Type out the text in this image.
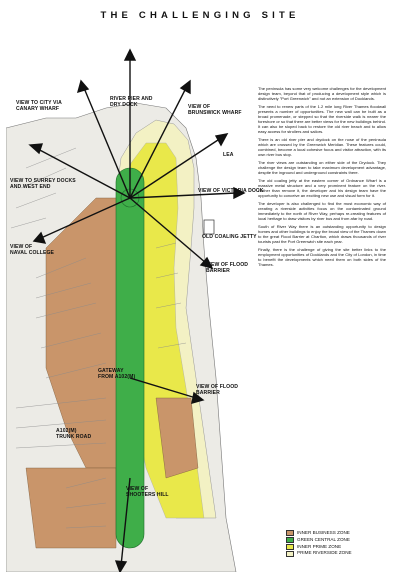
THE CHALLENGING SITE
RIVER PIER AND
DRY DOCK
VIEW TO CITY VIA
CANARY WHARF	VIEW OF
BRUNSWICK WHARF
LEA
VIEW TO SURREY DOCKS
AND WEST END
VIEW OF VICTORIA DOCK
OLD COALING JETTY
VIEW OF
NAVAL COLLEGE
VIEW OF FLOOD
BARRIER
GATEWAY
FROM A102(M)
VIEW OF FLOOD
BARRIER
A102(M)
TRUNK ROAD
VIEW OF
SHOOTERS HILL

The peninsula has some very welcome challenges for the development design team, beyond that of producing a development style which is distinctively "Port Greenwich" and not an extension of Docklands.

The need to renew parts of the 1.2 mile long River Thames floodwall presents a number of opportunities. The new wall can be built as a broad promenade, or stepped so that the riverside walk is nearer the foreshore or so that there are better views for the new buildings behind. It can also be sloped back to restore the old river beach and to allow easy access for strollers and sailors.

There is an old river pier and drydock on the nose of the peninsula which are crossed by the Greenwich Meridian. These features could, combined, become a local cohesive focus and visitor attraction, with its own river bus stop.

The river views are outstanding on either side of the Drydock. They challenge the design team to take maximum development advantage, despite the inground and underground constraints there.

The old coaling jetty at the eastern corner of Ordnance Wharf is a massive metal structure and a very prominent feature on the river. Rather than remove it, the developer and his design team have the opportunity to conceive an exciting new use and visual form for it.

The developer is also challenged to find the most economic way of creating a riverside activities focus on the contaminated ground immediately to the north of River Way, perhaps re-creating features of local heritage to draw visitors by river bus and from afar by road.

South of River Way there is an outstanding opportunity to design homes and other buildings to enjoy the broad view of the Thames down to the great Flood Barrier at Charlton, which draws thousands of river tourists past the Port Greenwich site each year.

Finally, there is the challenge of giving the site better links to the employment opportunities of Docklands and the City of London, in time to benefit the developments which need them on both sides of the Thames.

INNER BUSINESS ZONE
GREEN CENTRAL ZONE
INNER PRIME ZONE
PRIME RIVERSIDE ZONE
